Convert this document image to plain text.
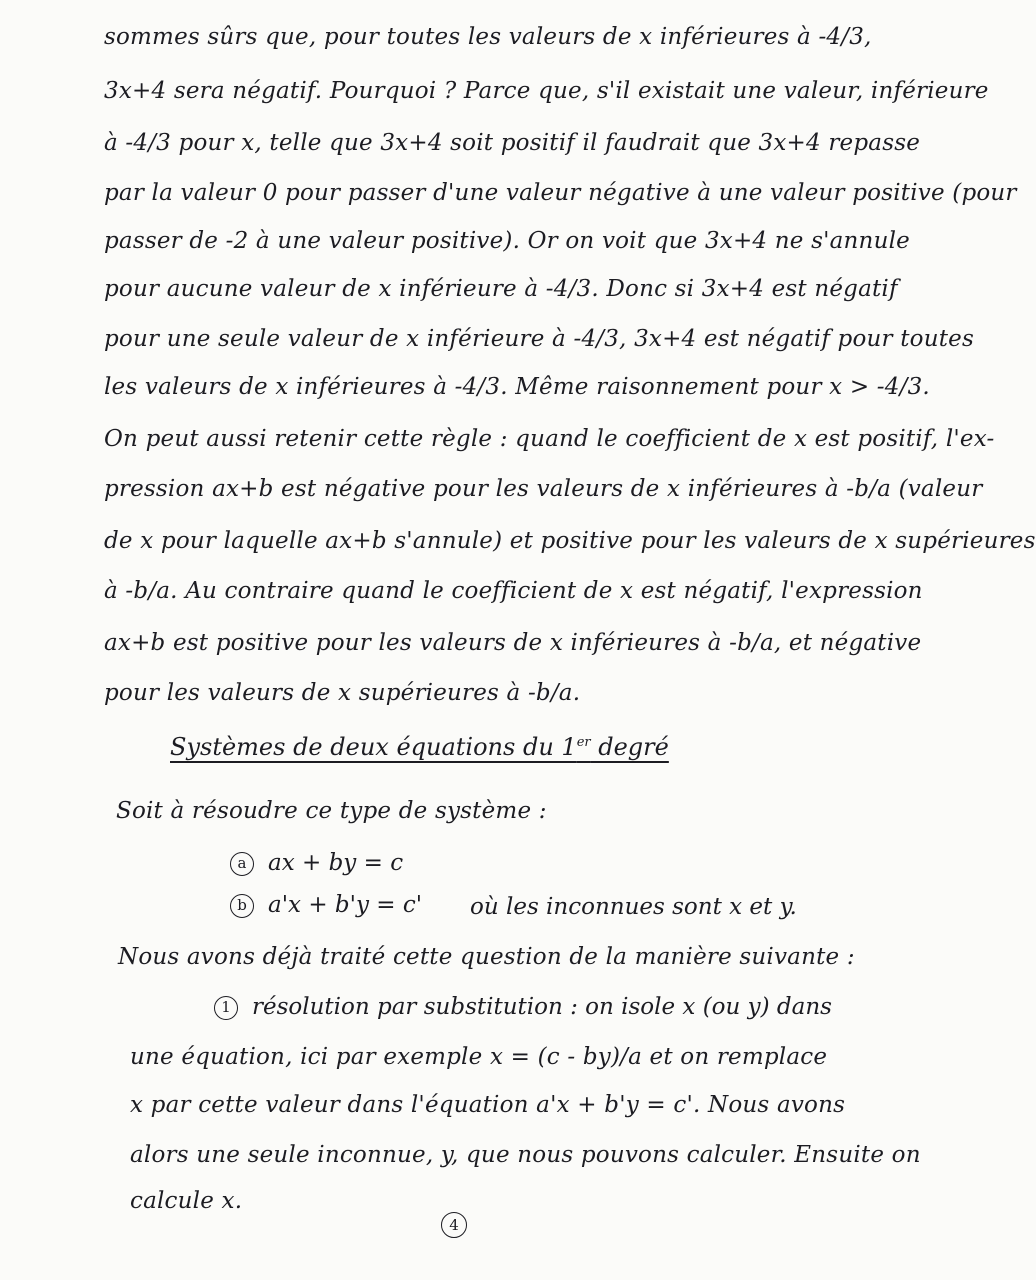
sommes sûrs que, pour toutes les valeurs de x inférieures à -4/3,
3x+4 sera négatif. Pourquoi ? Parce que, s'il existait une valeur, inférieure
à -4/3 pour x, telle que 3x+4 soit positif il faudrait que 3x+4 repasse
par la valeur 0 pour passer d'une valeur négative à une valeur positive (pour
passer de -2 à une valeur positive). Or on voit que 3x+4 ne s'annule
pour aucune valeur de x inférieure à -4/3. Donc si 3x+4 est négatif
pour une seule valeur de x inférieure à -4/3, 3x+4 est négatif pour toutes
les valeurs de x inférieures à -4/3. Même raisonnement pour x > -4/3.
On peut aussi retenir cette règle : quand le coefficient de x est positif, l'ex-
pression ax+b est négative pour les valeurs de x inférieures à -b/a (valeur
de x pour laquelle ax+b s'annule) et positive pour les valeurs de x supérieures
à -b/a. Au contraire quand le coefficient de x est négatif, l'expression
ax+b est positive pour les valeurs de x inférieures à -b/a, et négative
pour les valeurs de x supérieures à -b/a.
Systèmes de deux équations du 1er degré
Soit à résoudre ce type de système :
a ax + by = c
b a'x + b'y = c' où les inconnues sont x et y.
Nous avons déjà traité cette question de la manière suivante :
1 résolution par substitution : on isole x (ou y) dans
une équation, ici par exemple x = (c - by)/a et on remplace
x par cette valeur dans l'équation a'x + b'y = c'. Nous avons
alors une seule inconnue, y, que nous pouvons calculer. Ensuite on
calcule x.
4
